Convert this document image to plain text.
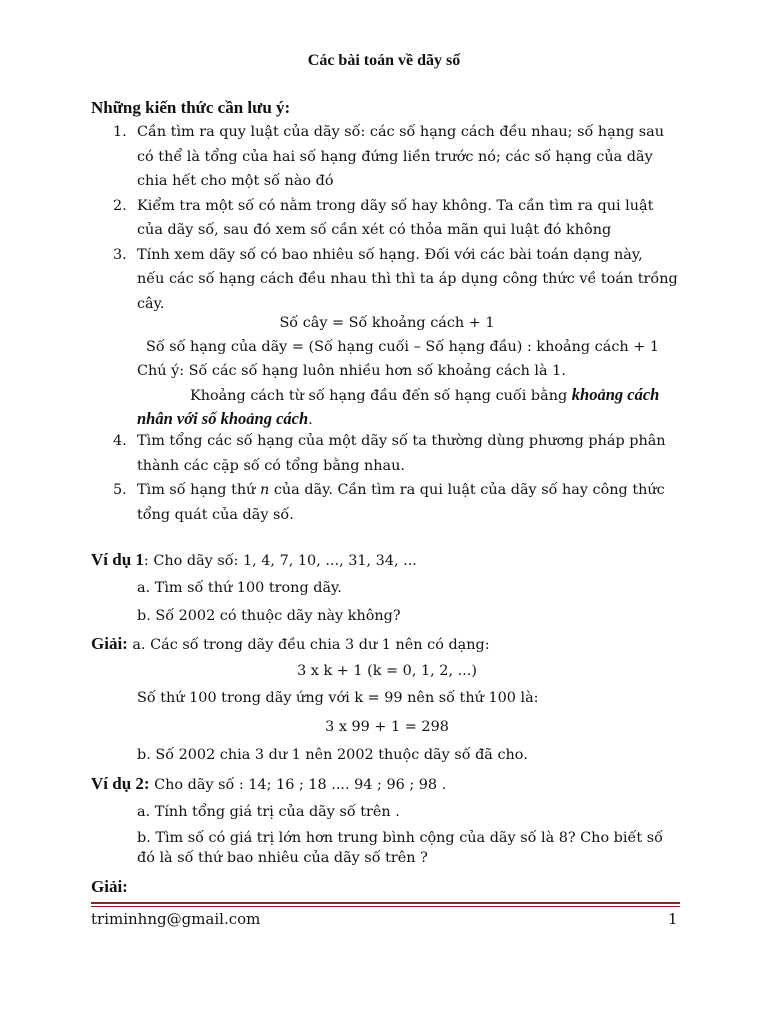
Các bài toán về dãy số
Những kiến thức cần lưu ý:
1. Cần tìm ra quy luật của dãy số: các số hạng cách đều nhau; số hạng sau
có thể là tổng của hai số hạng đứng liền trước nó; các số hạng của dãy
chia hết cho một số nào đó
2. Kiểm tra một số có nằm trong dãy số hay không. Ta cần tìm ra qui luật
của dãy số, sau đó xem số cần xét có thỏa mãn qui luật đó không
3. Tính xem dãy số có bao nhiêu số hạng. Đối với các bài toán dạng này,
nếu các số hạng cách đều nhau thì thì ta áp dụng công thức về toán trồng
cây.
Số cây = Số khoảng cách + 1
Số số hạng của dãy = (Số hạng cuối – Số hạng đầu) : khoảng cách + 1
Chú ý: Số các số hạng luôn nhiều hơn số khoảng cách là 1.
Khoảng cách từ số hạng đầu đến số hạng cuối bằng khoảng cách
nhân với số khoảng cách.
4. Tìm tổng các số hạng của một dãy số ta thường dùng phương pháp phân
thành các cặp số có tổng bằng nhau.
5. Tìm số hạng thứ n của dãy. Cần tìm ra qui luật của dãy số hay công thức
tổng quát của dãy số.
Ví dụ 1: Cho dãy số: 1, 4, 7, 10, ..., 31, 34, ...
a. Tìm số thứ 100 trong dãy.
b. Số 2002 có thuộc dãy này không?
Giải: a. Các số trong dãy đều chia 3 dư 1 nên có dạng:
3 x k + 1 (k = 0, 1, 2, ...)
Số thứ 100 trong dãy ứng với k = 99 nên số thứ 100 là:
3 x 99 + 1 = 298
b. Số 2002 chia 3 dư 1 nên 2002 thuộc dãy số đã cho.
Ví dụ 2: Cho dãy số : 14; 16 ; 18 .... 94 ; 96 ; 98 .
a. Tính tổng giá trị của dãy số trên .
b. Tìm số có giá trị lớn hơn trung bình cộng của dãy số là 8? Cho biết số
đó là số thứ bao nhiêu của dãy số trên ?
Giải:
triminhng@gmail.com	1
